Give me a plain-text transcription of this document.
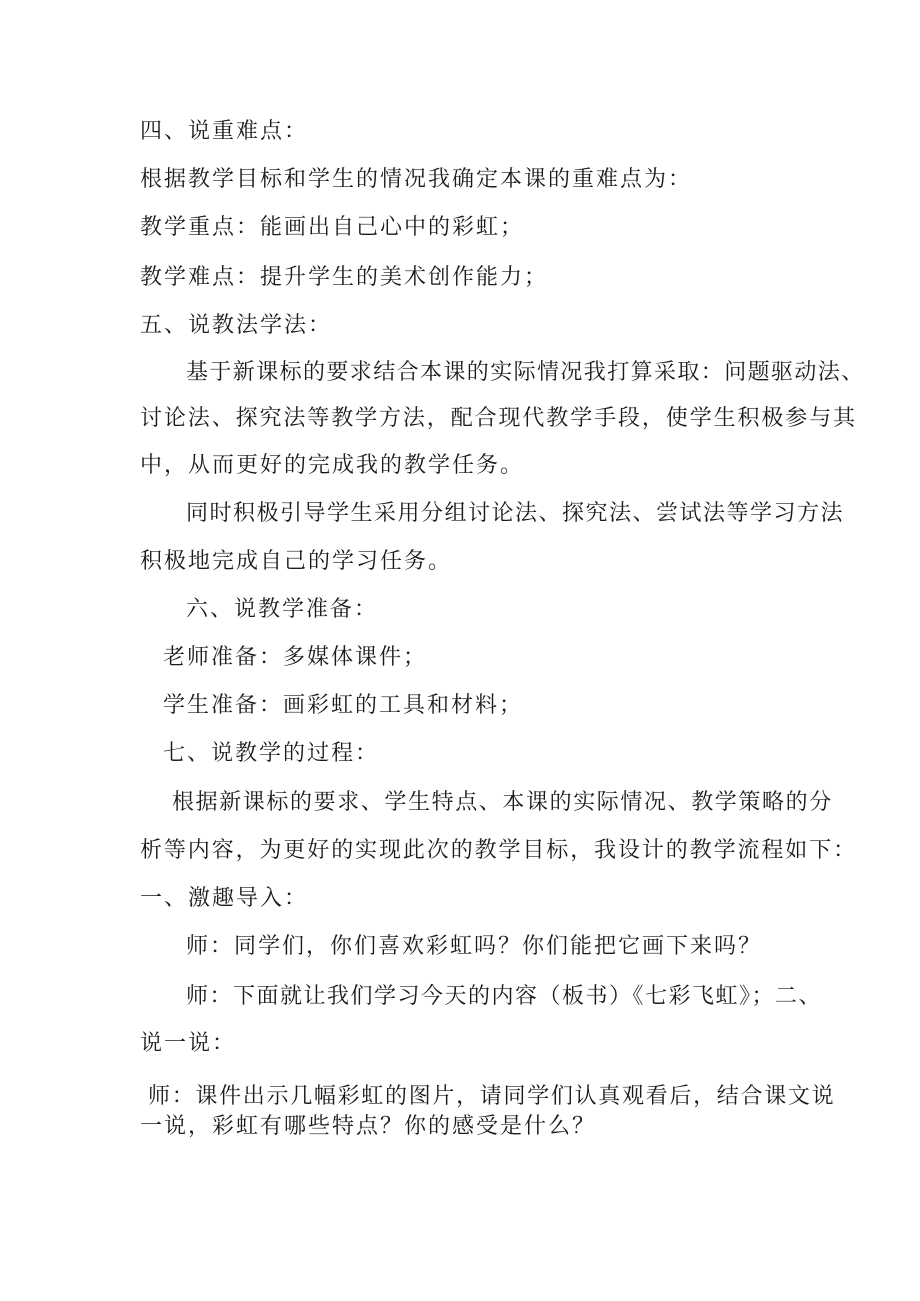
四、说重难点：
根据教学目标和学生的情况我确定本课的重难点为：
教学重点：能画出自己心中的彩虹；
教学难点：提升学生的美术创作能力；
五、说教法学法：
基于新课标的要求结合本课的实际情况我打算采取：问题驱动法、
讨论法、探究法等教学方法，配合现代教学手段，使学生积极参与其
中，从而更好的完成我的教学任务。
同时积极引导学生采用分组讨论法、探究法、尝试法等学习方法
积极地完成自己的学习任务。
六、说教学准备：
老师准备：多媒体课件；
学生准备：画彩虹的工具和材料；
七、说教学的过程：
根据新课标的要求、学生特点、本课的实际情况、教学策略的分
析等内容，为更好的实现此次的教学目标，我设计的教学流程如下：
一、激趣导入：
师：同学们，你们喜欢彩虹吗？你们能把它画下来吗？
师：下面就让我们学习今天的内容（板书）《七彩飞虹》；二、
说一说：
师：课件出示几幅彩虹的图片，请同学们认真观看后，结合课文说
一说，彩虹有哪些特点？你的感受是什么？
